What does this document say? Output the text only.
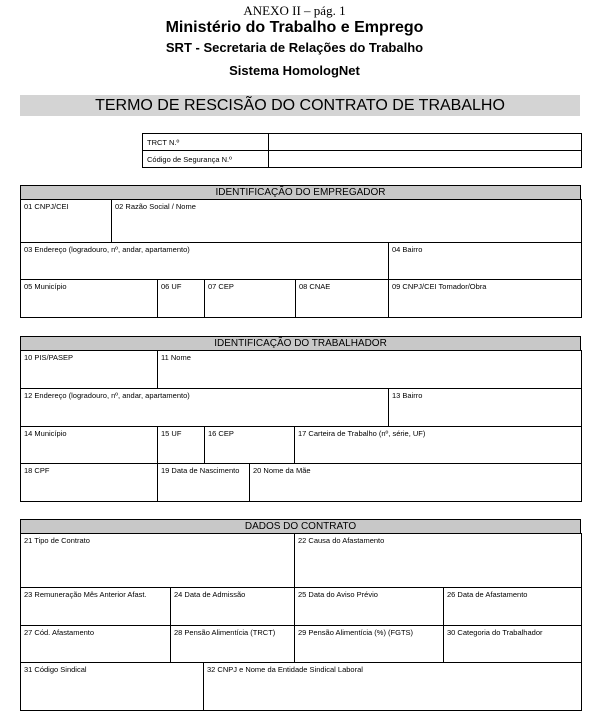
ANEXO II – pág. 1
Ministério do Trabalho e Emprego
SRT - Secretaria de Relações do Trabalho
Sistema HomologNet
TERMO DE RESCISÃO DO CONTRATO DE TRABALHO
TRCT N.º	
Código de Segurança N.º	
IDENTIFICAÇÃO DO EMPREGADOR
01 CNPJ/CEI	02 Razão Social / Nome				
03 Endereço (logradouro, nº, andar, apartamento)					04 Bairro
05 Município		06 UF	07 CEP	08 CNAE	09 CNPJ/CEI Tomador/Obra
IDENTIFICAÇÃO DO TRABALHADOR
10 PIS/PASEP	11 Nome				
12 Endereço (logradouro, nº, andar, apartamento)					13 Bairro
14 Município	15 UF	16 CEP		17 Carteira de Trabalho (nº, série, UF)	
18 CPF	19 Data de Nascimento		20 Nome da Mãe		
DADOS DO CONTRATO
21 Tipo de Contrato			22 Causa do Afastamento	
23 Remuneração Mês Anterior Afast.	24 Data de Admissão		25 Data do Aviso Prévio	26 Data de Afastamento
27 Cód. Afastamento	28 Pensão Alimentícia (TRCT)		29 Pensão Alimentícia (%) (FGTS)	30 Categoria do Trabalhador
31 Código Sindical		32 CNPJ e Nome da Entidade Sindical Laboral		
